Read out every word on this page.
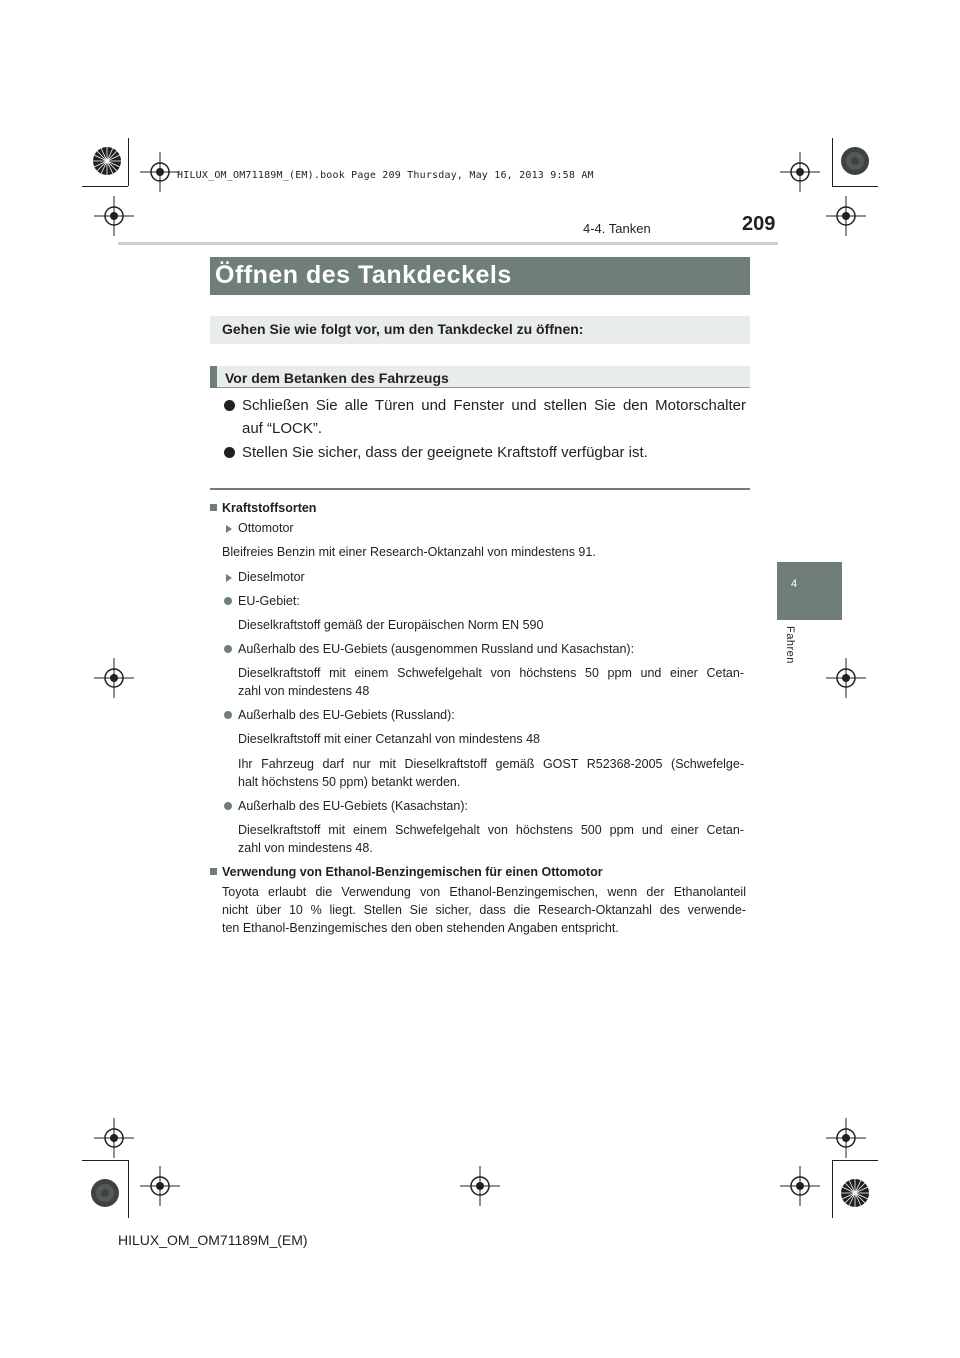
HILUX_OM_OM71189M_(EM).book Page 209 Thursday, May 16, 2013 9:58 AM
4-4. Tanken	209
4
Fahren
Öffnen des Tankdeckels
Gehen Sie wie folgt vor, um den Tankdeckel zu öffnen:
Vor dem Betanken des Fahrzeugs
Schließen Sie alle Türen und Fenster und stellen Sie den Motorschalter
auf “LOCK”.
Stellen Sie sicher, dass der geeignete Kraftstoff verfügbar ist.
Kraftstoffsorten
Ottomotor
Bleifreies Benzin mit einer Research-Oktanzahl von mindestens 91.
Dieselmotor
EU-Gebiet:
Dieselkraftstoff gemäß der Europäischen Norm EN 590
Außerhalb des EU-Gebiets (ausgenommen Russland und Kasachstan):
Dieselkraftstoff mit einem Schwefelgehalt von höchstens 50 ppm und einer Cetan-
zahl von mindestens 48
Außerhalb des EU-Gebiets (Russland):
Dieselkraftstoff mit einer Cetanzahl von mindestens 48
Ihr Fahrzeug darf nur mit Dieselkraftstoff gemäß GOST R52368-2005 (Schwefelge-
halt höchstens 50 ppm) betankt werden.
Außerhalb des EU-Gebiets (Kasachstan):
Dieselkraftstoff mit einem Schwefelgehalt von höchstens 500 ppm und einer Cetan-
zahl von mindestens 48.
Verwendung von Ethanol-Benzingemischen für einen Ottomotor
Toyota erlaubt die Verwendung von Ethanol-Benzingemischen, wenn der Ethanolanteil
nicht über 10 % liegt. Stellen Sie sicher, dass die Research-Oktanzahl des verwende-
ten Ethanol-Benzingemisches den oben stehenden Angaben entspricht.
HILUX_OM_OM71189M_(EM)
